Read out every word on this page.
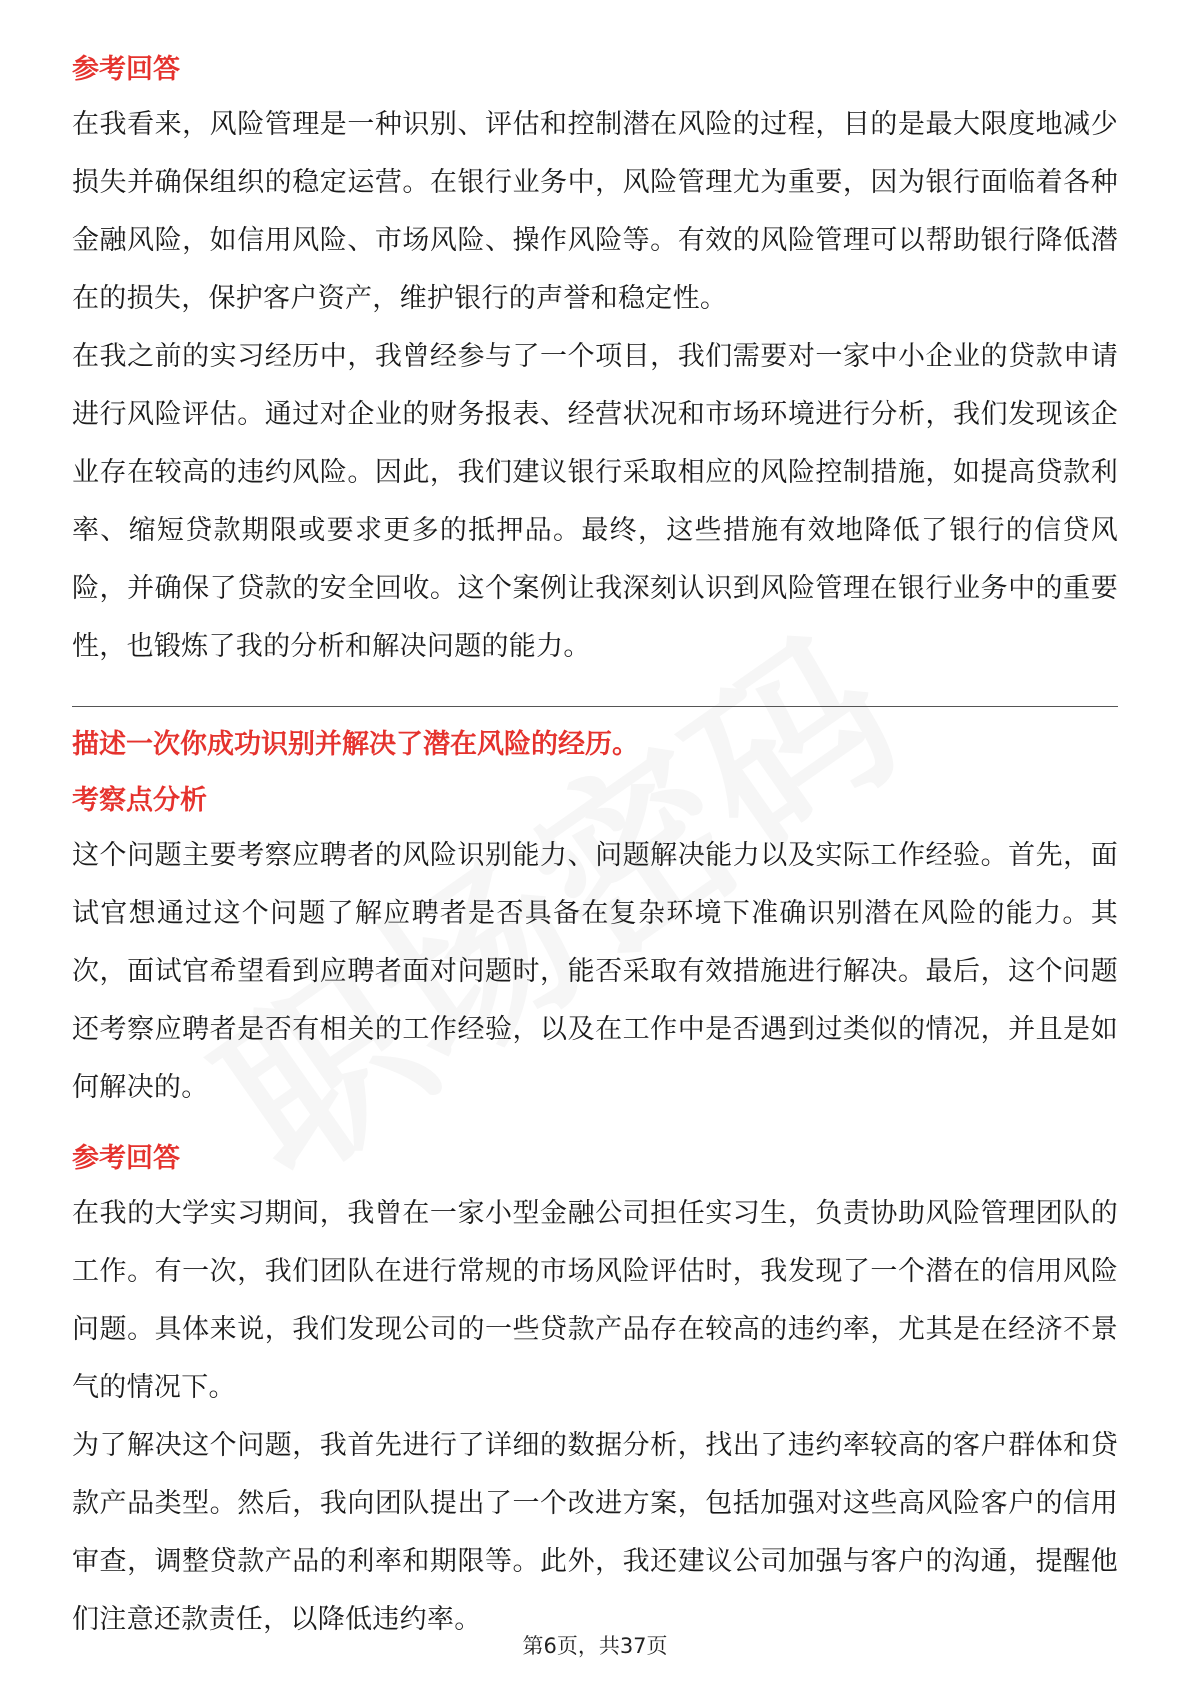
参考回答

在我看来，风险管理是一种识别、评估和控制潜在风险的过程，目的是最大限度地减少损失并确保组织的稳定运营。在银行业务中，风险管理尤为重要，因为银行面临着各种金融风险，如信用风险、市场风险、操作风险等。有效的风险管理可以帮助银行降低潜在的损失，保护客户资产，维护银行的声誉和稳定性。

在我之前的实习经历中，我曾经参与了一个项目，我们需要对一家中小企业的贷款申请进行风险评估。通过对企业的财务报表、经营状况和市场环境进行分析，我们发现该企业存在较高的违约风险。因此，我们建议银行采取相应的风险控制措施，如提高贷款利率、缩短贷款期限或要求更多的抵押品。最终，这些措施有效地降低了银行的信贷风险，并确保了贷款的安全回收。这个案例让我深刻认识到风险管理在银行业务中的重要性，也锻炼了我的分析和解决问题的能力。

描述一次你成功识别并解决了潜在风险的经历。
考察点分析

这个问题主要考察应聘者的风险识别能力、问题解决能力以及实际工作经验。首先，面试官想通过这个问题了解应聘者是否具备在复杂环境下准确识别潜在风险的能力。其次，面试官希望看到应聘者面对问题时，能否采取有效措施进行解决。最后，这个问题还考察应聘者是否有相关的工作经验，以及在工作中是否遇到过类似的情况，并且是如何解决的。

参考回答

在我的大学实习期间，我曾在一家小型金融公司担任实习生，负责协助风险管理团队的工作。有一次，我们团队在进行常规的市场风险评估时，我发现了一个潜在的信用风险问题。具体来说，我们发现公司的一些贷款产品存在较高的违约率，尤其是在经济不景气的情况下。

为了解决这个问题，我首先进行了详细的数据分析，找出了违约率较高的客户群体和贷款产品类型。然后，我向团队提出了一个改进方案，包括加强对这些高风险客户的信用审查，调整贷款产品的利率和期限等。此外，我还建议公司加强与客户的沟通，提醒他们注意还款责任，以降低违约率。

第6页，共37页
